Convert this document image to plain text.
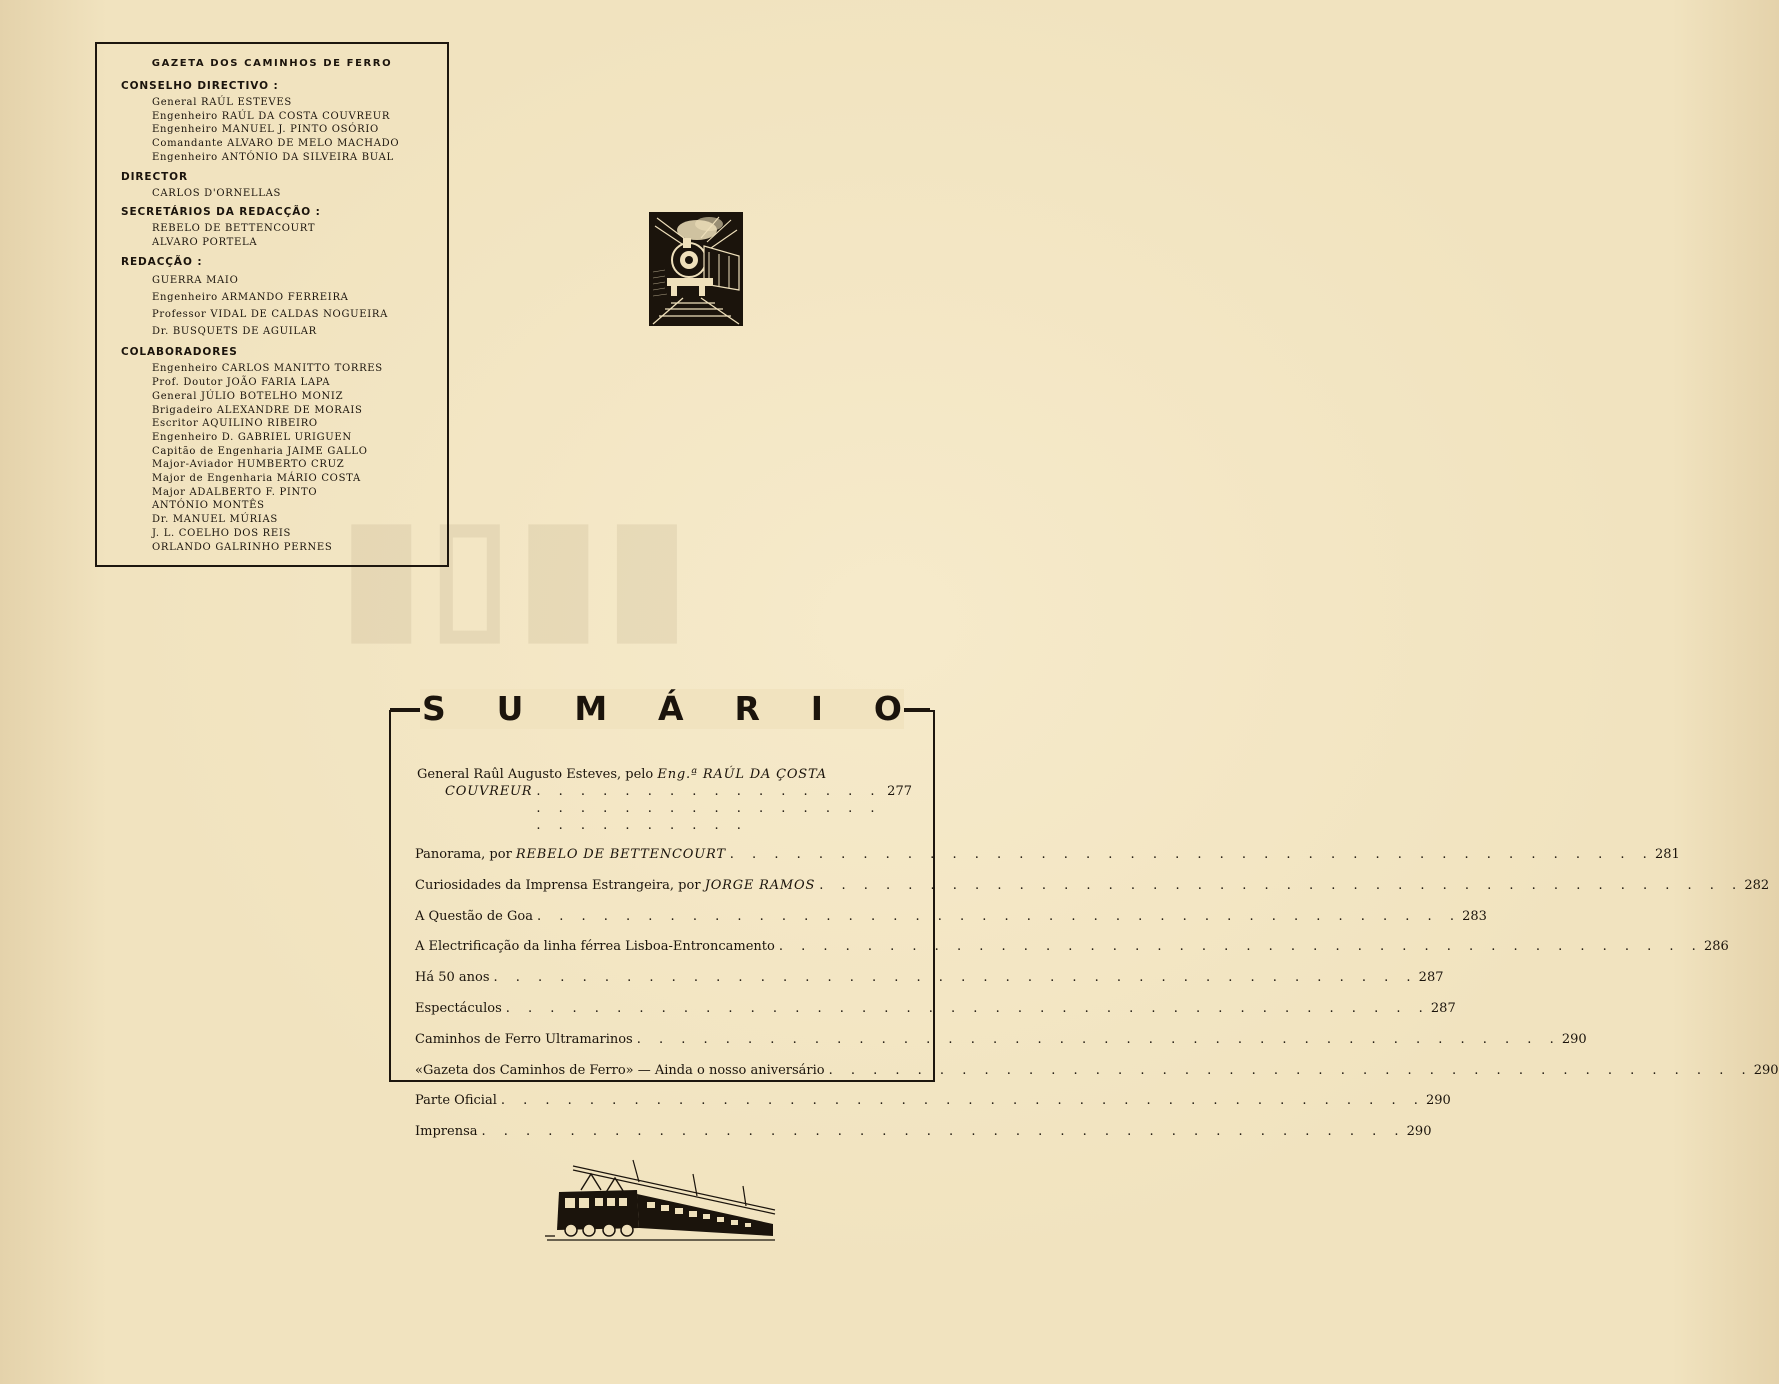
▮▯▮▮
GAZETA DOS CAMINHOS DE FERRO
CONSELHO DIRECTIVO :
General RAÚL ESTEVES
Engenheiro RAÚL DA COSTA COUVREUR
Engenheiro MANUEL J. PINTO OSÓRIO
Comandante ALVARO DE MELO MACHADO
Engenheiro ANTÓNIO DA SILVEIRA BUAL
DIRECTOR
CARLOS D'ORNELLAS
SECRETÁRIOS DA REDACÇÃO :
REBELO DE BETTENCOURT
ALVARO PORTELA
REDACÇÃO :
GUERRA MAIO
Engenheiro ARMANDO FERREIRA
Professor VIDAL DE CALDAS NOGUEIRA
Dr. BUSQUETS DE AGUILAR
COLABORADORES
Engenheiro CARLOS MANITTO TORRES
Prof. Doutor JOÃO FARIA LAPA
General JÚLIO BOTELHO MONIZ
Brigadeiro ALEXANDRE DE MORAIS
Escritor AQUILINO RIBEIRO
Engenheiro D. GABRIEL URIGUEN
Capitão de Engenharia JAIME GALLO
Major-Aviador HUMBERTO CRUZ
Major de Engenharia MÁRIO COSTA
Major ADALBERTO F. PINTO
ANTÓNIO MONTÊS
Dr. MANUEL MÚRIAS
J. L. COELHO DOS REIS
ORLANDO GALRINHO PERNES
S U M Á R I O
General Raûl Augusto Esteves, pelo Eng.ª RAÚL DA ÇOSTA
COUVREUR . . . . . . . . . . . . . . . . . . . . . . . . . . . . . . . . . . . . . . . . . .
277
Panorama, por REBELO DE BETTENCOURT . . . . . . . . . . . . . . . . . . . . . . . . . . . . . . . . . . . . . . . . . . 281
Curiosidades da Imprensa Estrangeira, por JORGE RAMOS . . . . . . . . . . . . . . . . . . . . . . . . . . . . . . . . . . . . . . . . . . 282
A Questão de Goa . . . . . . . . . . . . . . . . . . . . . . . . . . . . . . . . . . . . . . . . . . 283
A Electrificação da linha férrea Lisboa-Entroncamento . . . . . . . . . . . . . . . . . . . . . . . . . . . . . . . . . . . . . . . . . . 286
Há 50 anos . . . . . . . . . . . . . . . . . . . . . . . . . . . . . . . . . . . . . . . . . . 287
Espectáculos . . . . . . . . . . . . . . . . . . . . . . . . . . . . . . . . . . . . . . . . . . 287
Caminhos de Ferro Ultramarinos . . . . . . . . . . . . . . . . . . . . . . . . . . . . . . . . . . . . . . . . . . 290
«Gazeta dos Caminhos de Ferro» — Ainda o nosso aniversário . . . . . . . . . . . . . . . . . . . . . . . . . . . . . . . . . . . . . . . . . . 290
Parte Oficial . . . . . . . . . . . . . . . . . . . . . . . . . . . . . . . . . . . . . . . . . . 290
Imprensa . . . . . . . . . . . . . . . . . . . . . . . . . . . . . . . . . . . . . . . . . . 290
